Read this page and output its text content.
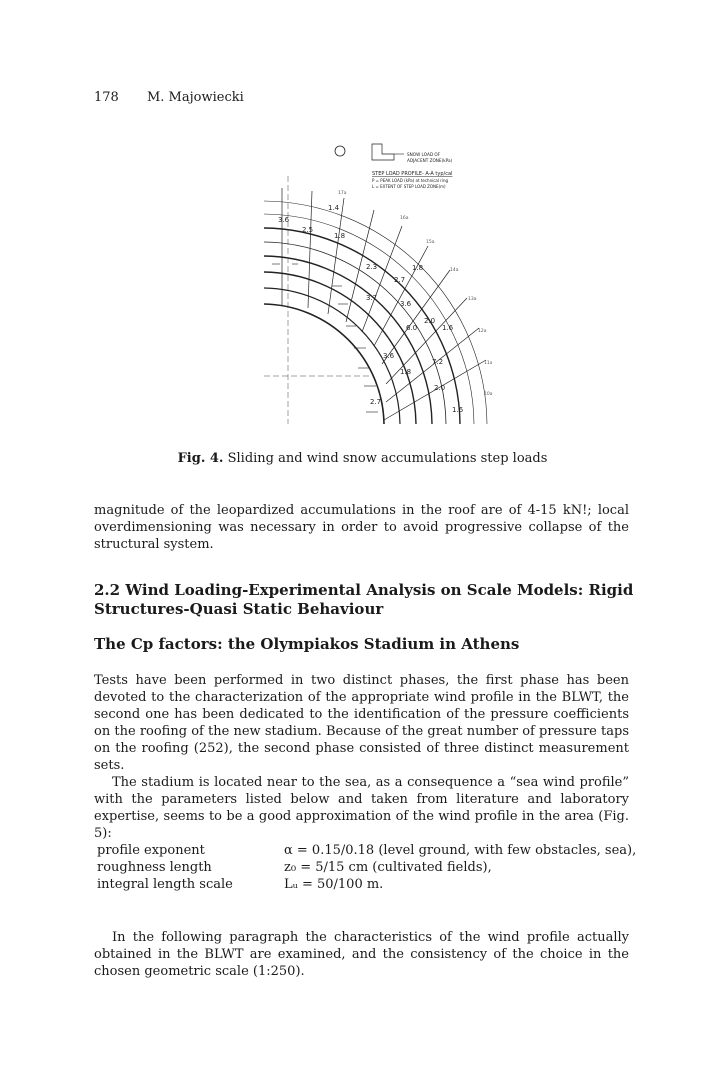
178 M. Majowiecki
SNOW LOAD OF
ADJACENT ZONE(kPa)
STEP LOAD PROFILE- A-A typ/cal
P = PEAK LOAD (kPa) at technical ring
L = EXTENT OF STEP LOAD ZONE(m)
3.6
2.5
1.4
1.8
2.3
2.7
1.8
3.7
3.6
2.0
6.0	1.6
3.6
7.2
1.8
2.0
2.7
1.6
17a
16a
15a
14a
13a
12a
11a
10a
Fig. 4. Sliding and wind snow accumulations step loads
magnitude of the leopardized accumulations in the roof are of 4-15 kN!; local overdimensioning was necessary in order to avoid progressive collapse of the structural system.
2.2 Wind Loading-Experimental Analysis on Scale Models: Rigid Structures-Quasi Static Behaviour
The Cp factors: the Olympiakos Stadium in Athens
Tests have been performed in two distinct phases, the first phase has been devoted to the characterization of the appropriate wind profile in the BLWT, the second one has been dedicated to the identification of the pressure coefficients on the roofing of the new stadium. Because of the great number of pressure taps on the roofing (252), the second phase consisted of three distinct measurement sets.
The stadium is located near to the sea, as a consequence a “sea wind profile” with the parameters listed below and taken from literature and laboratory expertise, seems to be a good approximation of the wind profile in the area (Fig. 5):
profile exponent	α = 0.15/0.18 (level ground, with few obstacles, sea),
roughness length	z₀ = 5/15 cm (cultivated fields),
integral length scale	Lᵤ = 50/100 m.
In the following paragraph the characteristics of the wind profile actually obtained in the BLWT are examined, and the consistency of the choice in the chosen geometric scale (1:250).
